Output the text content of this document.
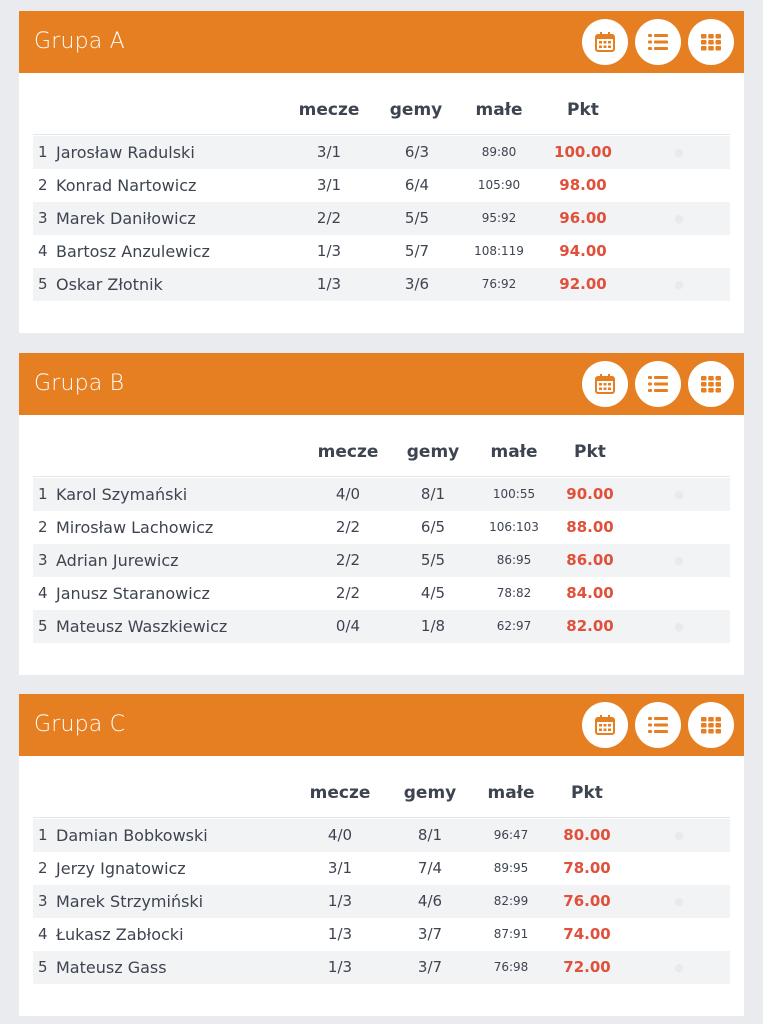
Grupa A
mecze	gemy	małe	Pkt
1 Jarosław Radulski	3/1	6/3	89:80	100.00	●
2 Konrad Nartowicz	3/1	6/4	105:90	98.00
3 Marek Daniłowicz	2/2	5/5	95:92	96.00	●
4 Bartosz Anzulewicz	1/3	5/7	108:119	94.00
5 Oskar Złotnik	1/3	3/6	76:92	92.00	●
Grupa B
mecze	gemy	małe	Pkt
1 Karol Szymański	4/0	8/1	100:55	90.00	●
2 Mirosław Lachowicz	2/2	6/5	106:103	88.00
3 Adrian Jurewicz	2/2	5/5	86:95	86.00	●
4 Janusz Staranowicz	2/2	4/5	78:82	84.00
5 Mateusz Waszkiewicz	0/4	1/8	62:97	82.00	●
Grupa C
mecze	gemy	małe	Pkt
1 Damian Bobkowski	4/0	8/1	96:47	80.00	●
2 Jerzy Ignatowicz	3/1	7/4	89:95	78.00
3 Marek Strzymiński	1/3	4/6	82:99	76.00	●
4 Łukasz Zabłocki	1/3	3/7	87:91	74.00
5 Mateusz Gass	1/3	3/7	76:98	72.00	●
